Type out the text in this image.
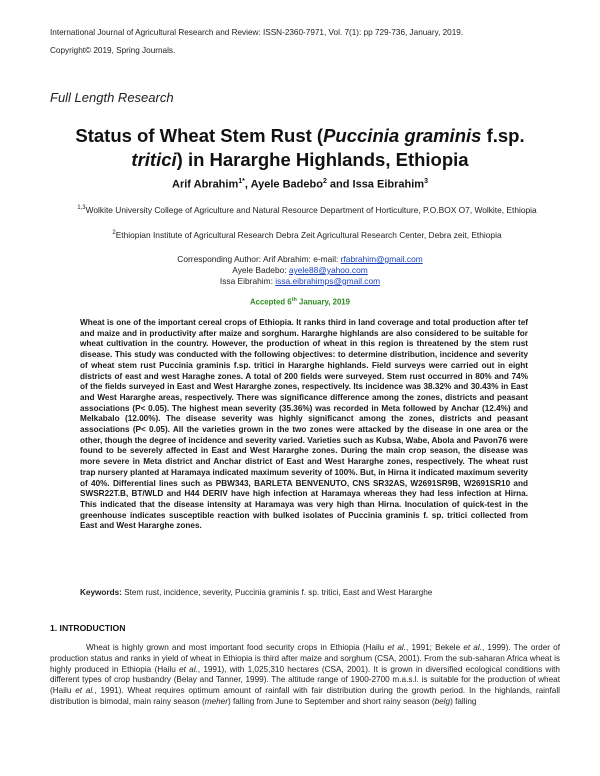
International Journal of Agricultural Research and Review: ISSN-2360-7971, Vol. 7(1): pp 729-736, January, 2019.
Copyright© 2019, Spring Journals.
Full Length Research
Status of Wheat Stem Rust (Puccinia graminis f.sp.
tritici) in Hararghe Highlands, Ethiopia
Arif Abrahim$^{1*}$, Ayele Badebo$^2$ and Issa Eibrahim$^3$
$^{1,3}$Wolkite University College of Agriculture and Natural Resource Department of Horticulture, P.O.BOX O7, Wolkite, Ethiopia
$^2$Ethiopian Institute of Agricultural Research Debra Zeit Agricultural Research Center, Debra zeit, Ethiopia
Corresponding Author: Arif Abrahim: e-mail: rfabrahim@gmail.com
Ayele Badebo: ayele88@yahoo.com
Issa Eibrahim: issa.eibrahimps@gmail.com
Accepted 6th January, 2019
Wheat is one of the important cereal crops of Ethiopia. It ranks third in land coverage and total production after tef and maize and in productivity after maize and sorghum. Hararghe highlands are also considered to be suitable for wheat cultivation in the country. However, the production of wheat in this region is threatened by the stem rust disease. This study was conducted with the following objectives: to determine distribution, incidence and severity of wheat stem rust Puccinia graminis f.sp. tritici in Hararghe highlands. Field surveys were carried out in eight districts of east and west Haraghe zones. A total of 200 fields were surveyed. Stem rust occurred in 80% and 74% of the fields surveyed in East and West Hararghe zones, respectively. Its incidence was 38.32% and 30.43% in East and West Hararghe areas, respectively. There was significance difference among the zones, districts and peasant associations (P< 0.05). The highest mean severity (35.36%) was recorded in Meta followed by Anchar (12.4%) and Melkabalo (12.00%). The disease severity was highly significanct among the zones, districts and peasant associations (P< 0.05). All the varieties grown in the two zones were attacked by the disease in one area or the other, though the degree of incidence and severity varied. Varieties such as Kubsa, Wabe, Abola and Pavon76 were found to be severely affected in East and West Hararghe zones. During the main crop season, the disease was more severe in Meta district and Anchar district of East and West Hararghe zones, respectively. The wheat rust trap nursery planted at Haramaya indicated maximum severity of 100%. But, in Hirna it indicated maximum severity of 40%. Differential lines such as PBW343, BARLETA BENVENUTO, CNS SR32AS, W2691SR9B, W2691SR10 and SWSR22T.B, BT/WLD and H44 DERIV have high infection at Haramaya whereas they had less infection at Hirna. This indicated that the disease intensity at Haramaya was very high than Hirna. Inoculation of quick-test in the greenhouse indicates susceptible reaction with bulked isolates of Puccinia graminis f. sp. tritici collected from East and West Hararghe zones.
Keywords: Stem rust, incidence, severity, Puccinia graminis f. sp. tritici, East and West Hararghe
1. INTRODUCTION
Wheat is highly grown and most important food security crops in Ethiopia (Hailu et al., 1991; Bekele et al., 1999). The order of production status and ranks in yield of wheat in Ethiopia is third after maize and sorghum (CSA, 2001). From the sub-saharan Africa wheat is highly produced in Ethiopia (Hailu et al., 1991), with 1,025,310 hectares (CSA, 2001). It is grown in diversified ecological conditions with different types of crop husbandry (Belay and Tanner, 1999). The altitude range of 1900-2700 m.a.s.l. is suitable for the production of wheat (Hailu et al., 1991). Wheat requires optimum amount of rainfall with fair distribution during the growth period. In the highlands, rainfall distribution is bimodal, main rainy season (meher) falling from June to September and short rainy season (belg) falling
